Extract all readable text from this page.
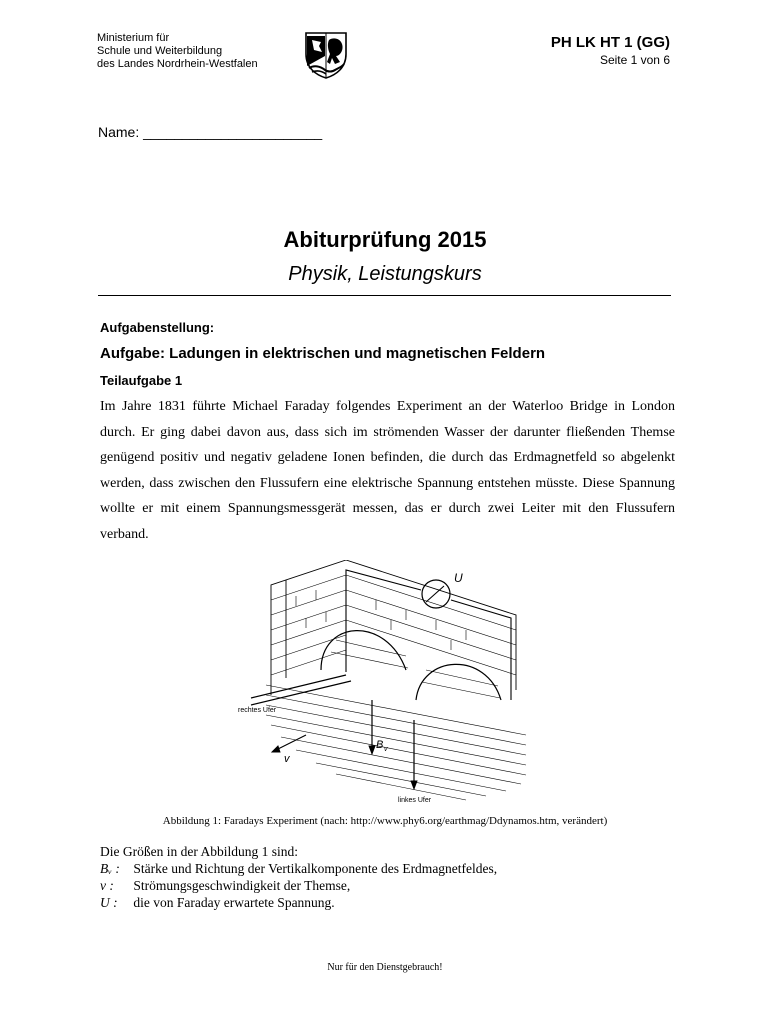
Ministerium für
Schule und Weiterbildung
des Landes Nordrhein-Westfalen
PH LK HT 1 (GG)
Seite 1 von 6
Name: _______________________
Abiturprüfung 2015
Physik, Leistungskurs
Aufgabenstellung:
Aufgabe: Ladungen in elektrischen und magnetischen Feldern
Teilaufgabe 1
Im Jahre 1831 führte Michael Faraday folgendes Experiment an der Waterloo Bridge in London durch. Er ging dabei davon aus, dass sich im strömenden Wasser der darunter fließenden Themse genügend positiv und negativ geladene Ionen befinden, die durch das Erdmagnetfeld so abgelenkt werden, dass zwischen den Flussufern eine elektrische Spannung entstehen müsste. Diese Spannung wollte er mit einem Spannungsmessgerät messen, das er durch zwei Leiter mit den Flussufern verband.
U
rechtes Ufer
linkes Ufer
B v
v
Abbildung 1: Faradays Experiment (nach: http://www.phy6.org/earthmag/Ddynamos.htm, verändert)
Die Größen in der Abbildung 1 sind:
Bᵥ : Stärke und Richtung der Vertikalkomponente des Erdmagnetfeldes,
v : Strömungsgeschwindigkeit der Themse,
U : die von Faraday erwartete Spannung.
Nur für den Dienstgebrauch!
